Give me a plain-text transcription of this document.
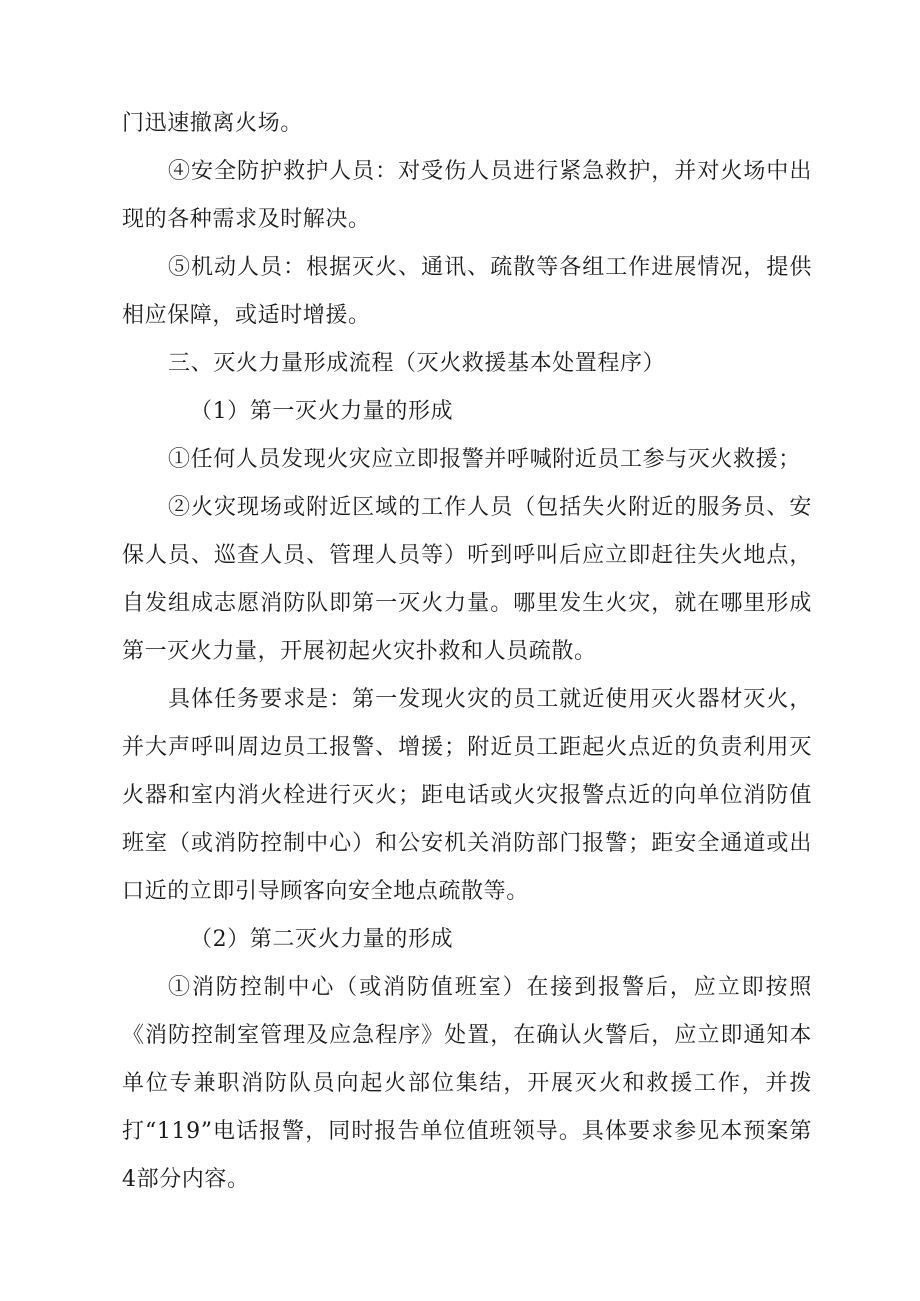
门迅速撤离火场。

④安全防护救护人员：对受伤人员进行紧急救护，并对火场中出现的各种需求及时解决。

⑤机动人员：根据灭火、通讯、疏散等各组工作进展情况，提供相应保障，或适时增援。

三、灭火力量形成流程（灭火救援基本处置程序）

（1）第一灭火力量的形成

①任何人员发现火灾应立即报警并呼喊附近员工参与灭火救援；

②火灾现场或附近区域的工作人员（包括失火附近的服务员、安保人员、巡查人员、管理人员等）听到呼叫后应立即赶往失火地点，自发组成志愿消防队即第一灭火力量。哪里发生火灾，就在哪里形成第一灭火力量，开展初起火灾扑救和人员疏散。

具体任务要求是：第一发现火灾的员工就近使用灭火器材灭火，并大声呼叫周边员工报警、增援；附近员工距起火点近的负责利用灭火器和室内消火栓进行灭火；距电话或火灾报警点近的向单位消防值班室（或消防控制中心）和公安机关消防部门报警；距安全通道或出口近的立即引导顾客向安全地点疏散等。

（2）第二灭火力量的形成

①消防控制中心（或消防值班室）在接到报警后，应立即按照《消防控制室管理及应急程序》处置，在确认火警后，应立即通知本单位专兼职消防队员向起火部位集结，开展灭火和救援工作，并拨打“119”电话报警，同时报告单位值班领导。具体要求参见本预案第4部分内容。
